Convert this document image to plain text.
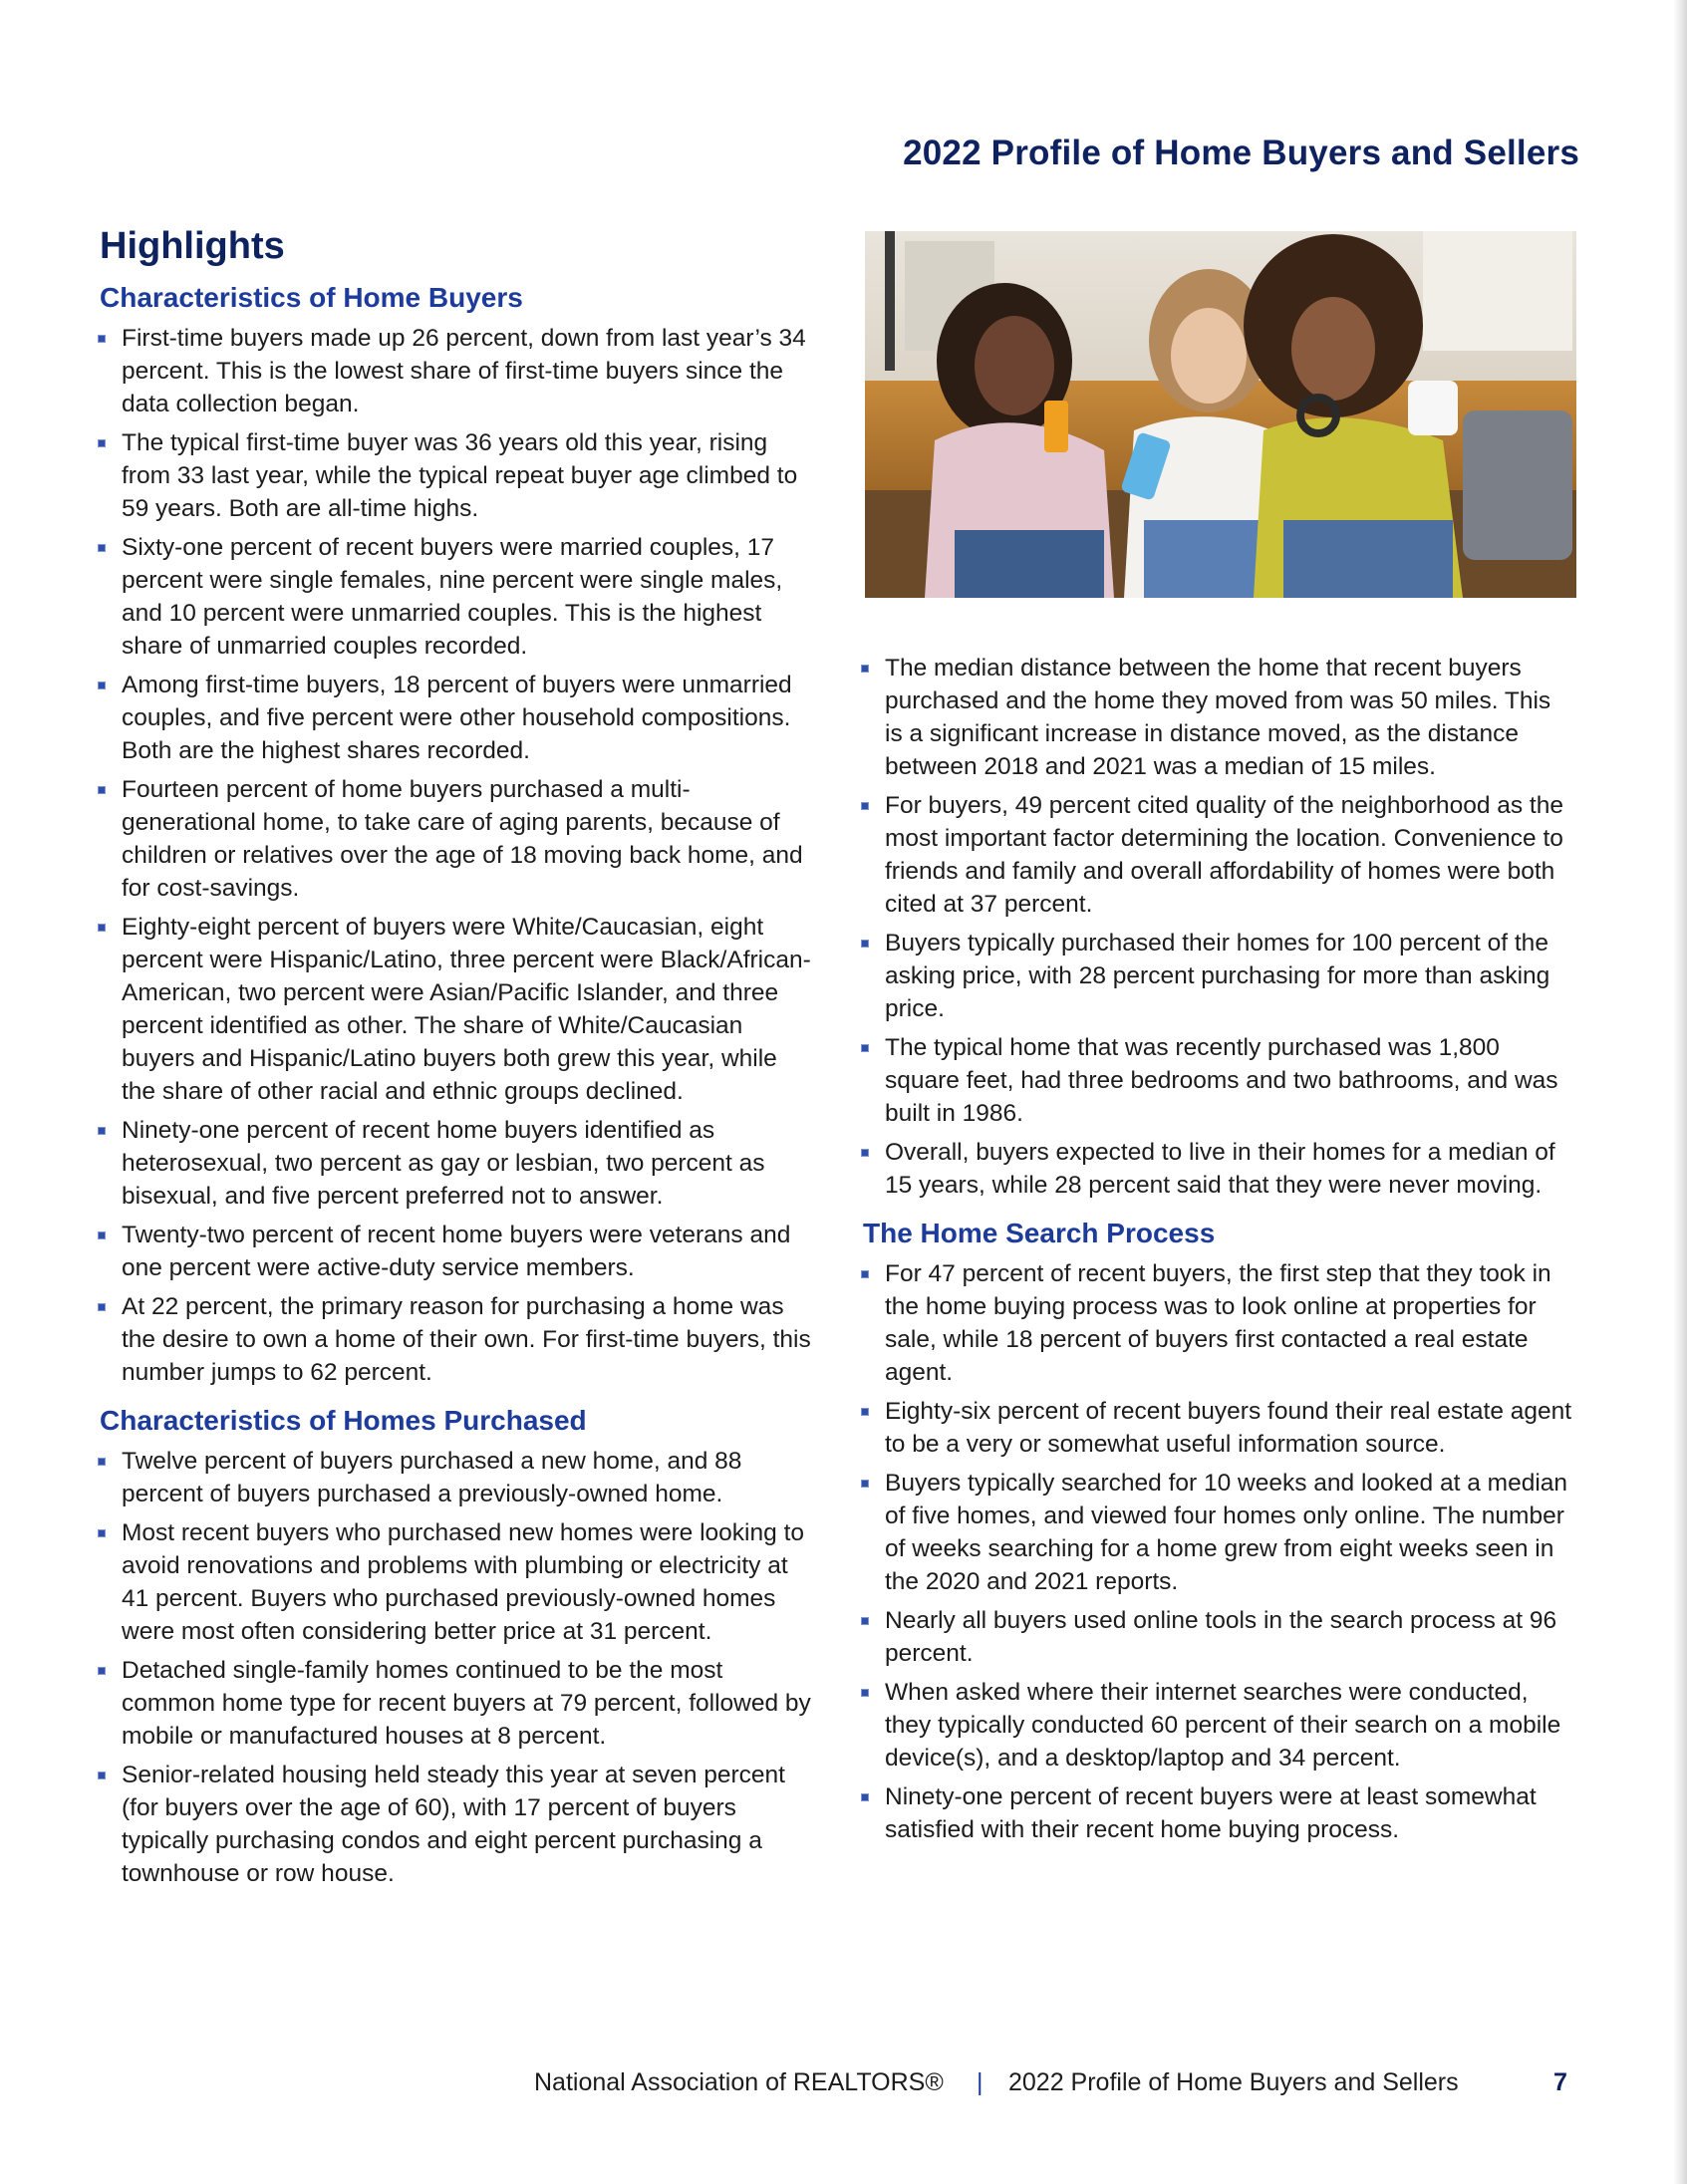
2022 Profile of Home Buyers and Sellers
Highlights
Characteristics of Home Buyers
First-time buyers made up 26 percent, down from last year’s 34 percent. This is the lowest share of first-time buyers since the data collection began.
The typical first-time buyer was 36 years old this year, rising from 33 last year, while the typical repeat buyer age climbed to 59 years. Both are all-time highs.
Sixty-one percent of recent buyers were married couples, 17 percent were single females, nine percent were single males, and 10 percent were unmarried couples. This is the highest share of unmarried couples recorded.
Among first-time buyers, 18 percent of buyers were unmarried couples, and five percent were other household compositions. Both are the highest shares recorded.
Fourteen percent of home buyers purchased a multi-generational home, to take care of aging parents, because of children or relatives over the age of 18 moving back home, and for cost-savings.
Eighty-eight percent of buyers were White/Caucasian, eight percent were Hispanic/Latino, three percent were Black/African-American, two percent were Asian/Pacific Islander, and three percent identified as other. The share of White/Caucasian buyers and Hispanic/Latino buyers both grew this year, while the share of other racial and ethnic groups declined.
Ninety-one percent of recent home buyers identified as heterosexual, two percent as gay or lesbian, two percent as bisexual, and five percent preferred not to answer.
Twenty-two percent of recent home buyers were veterans and one percent were active-duty service members.
At 22 percent, the primary reason for purchasing a home was the desire to own a home of their own. For first-time buyers, this number jumps to 62 percent.
Characteristics of Homes Purchased
Twelve percent of buyers purchased a new home, and 88 percent of buyers purchased a previously-owned home.
Most recent buyers who purchased new homes were looking to avoid renovations and problems with plumbing or electricity at 41 percent. Buyers who purchased previously-owned homes were most often considering better price at 31 percent.
Detached single-family homes continued to be the most common home type for recent buyers at 79 percent, followed by mobile or manufactured houses at 8 percent.
Senior-related housing held steady this year at seven percent (for buyers over the age of 60), with 17 percent of buyers typically purchasing condos and eight percent purchasing a townhouse or row house.
The median distance between the home that recent buyers purchased and the home they moved from was 50 miles. This is a significant increase in distance moved, as the distance between 2018 and 2021 was a median of 15 miles.
For buyers, 49 percent cited quality of the neighborhood as the most important factor determining the location. Convenience to friends and family and overall affordability of homes were both cited at 37 percent.
Buyers typically purchased their homes for 100 percent of the asking price, with 28 percent purchasing for more than asking price.
The typical home that was recently purchased was 1,800 square feet, had three bedrooms and two bathrooms, and was built in 1986.
Overall, buyers expected to live in their homes for a median of 15 years, while 28 percent said that they were never moving.
The Home Search Process
For 47 percent of recent buyers, the first step that they took in the home buying process was to look online at properties for sale, while 18 percent of buyers first contacted a real estate agent.
Eighty-six percent of recent buyers found their real estate agent to be a very or somewhat useful information source.
Buyers typically searched for 10 weeks and looked at a median of five homes, and viewed four homes only online. The number of weeks searching for a home grew from eight weeks seen in the 2020 and 2021 reports.
Nearly all buyers used online tools in the search process at 96 percent.
When asked where their internet searches were conducted, they typically conducted 60 percent of their search on a mobile device(s), and a desktop/laptop and 34 percent.
Ninety-one percent of recent buyers were at least somewhat satisfied with their recent home buying process.
National Association of REALTORS® | 2022 Profile of Home Buyers and Sellers	7
